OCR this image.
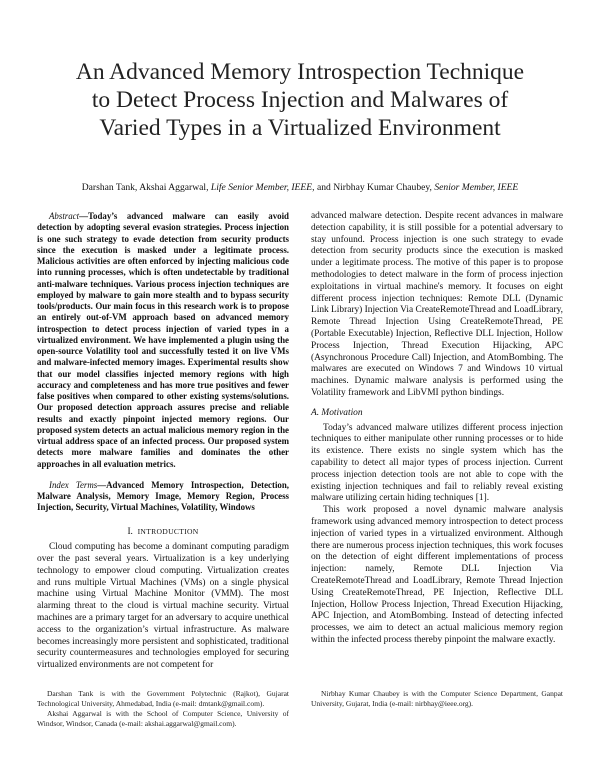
An Advanced Memory Introspection Technique
to Detect Process Injection and Malwares of
Varied Types in a Virtualized Environment
Darshan Tank, Akshai Aggarwal, Life Senior Member, IEEE, and Nirbhay Kumar Chaubey, Senior Member, IEEE

Abstract—Today’s advanced malware can easily avoid detection by adopting several evasion strategies. Process injection is one such strategy to evade detection from security products since the execution is masked under a legitimate process. Malicious activities are often enforced by injecting malicious code into running processes, which is often undetectable by traditional anti-malware techniques. Various process injection techniques are employed by malware to gain more stealth and to bypass security tools/products. Our main focus in this research work is to propose an entirely out-of-VM approach based on advanced memory introspection to detect process injection of varied types in a virtualized environment. We have implemented a plugin using the open-source Volatility tool and successfully tested it on live VMs and malware-infected memory images. Experimental results show that our model classifies injected memory regions with high accuracy and completeness and has more true positives and fewer false positives when compared to other existing systems/solutions. Our proposed detection approach assures precise and reliable results and exactly pinpoint injected memory regions. Our proposed system detects an actual malicious memory region in the virtual address space of an infected process. Our proposed system detects more malware families and dominates the other approaches in all evaluation metrics.

Index Terms—Advanced Memory Introspection, Detection, Malware Analysis, Memory Image, Memory Region, Process Injection, Security, Virtual Machines, Volatility, Windows

I. INTRODUCTION

Cloud computing has become a dominant computing paradigm over the past several years. Virtualization is a key underlying technology to empower cloud computing. Virtualization creates and runs multiple Virtual Machines (VMs) on a single physical machine using Virtual Machine Monitor (VMM). The most alarming threat to the cloud is virtual machine security. Virtual machines are a primary target for an adversary to acquire unethical access to the organization’s virtual infrastructure. As malware becomes increasingly more persistent and sophisticated, traditional security countermeasures and technologies employed for securing virtualized environments are not competent for

advanced malware detection. Despite recent advances in malware detection capability, it is still possible for a potential adversary to stay unfound. Process injection is one such strategy to evade detection from security products since the execution is masked under a legitimate process. The motive of this paper is to propose methodologies to detect malware in the form of process injection exploitations in virtual machine's memory. It focuses on eight different process injection techniques: Remote DLL (Dynamic Link Library) Injection Via CreateRemoteThread and LoadLibrary, Remote Thread Injection Using CreateRemoteThread, PE (Portable Executable) Injection, Reflective DLL Injection, Hollow Process Injection, Thread Execution Hijacking, APC (Asynchronous Procedure Call) Injection, and AtomBombing. The malwares are executed on Windows 7 and Windows 10 virtual machines. Dynamic malware analysis is performed using the Volatility framework and LibVMI python bindings.

A. Motivation

Today’s advanced malware utilizes different process injection techniques to either manipulate other running processes or to hide its existence. There exists no single system which has the capability to detect all major types of process injection. Current process injection detection tools are not able to cope with the existing injection techniques and fail to reliably reveal existing malware utilizing certain hiding techniques [1].

This work proposed a novel dynamic malware analysis framework using advanced memory introspection to detect process injection of varied types in a virtualized environment. Although there are numerous process injection techniques, this work focuses on the detection of eight different implementations of process injection: namely, Remote DLL Injection Via CreateRemoteThread and LoadLibrary, Remote Thread Injection Using CreateRemoteThread, PE Injection, Reflective DLL Injection, Hollow Process Injection, Thread Execution Hijacking, APC Injection, and AtomBombing. Instead of detecting infected processes, we aim to detect an actual malicious memory region within the infected process thereby pinpoint the malware exactly.

Darshan Tank is with the Government Polytechnic (Rajkot), Gujarat Technological University, Ahmedabad, India (e-mail: dmtank@gmail.com).

Akshai Aggarwal is with the School of Computer Science, University of Windsor, Windsor, Canada (e-mail: akshai.aggarwal@gmail.com).

Nirbhay Kumar Chaubey is with the Computer Science Department, Ganpat University, Gujarat, India (e-mail: nirbhay@ieee.org).
